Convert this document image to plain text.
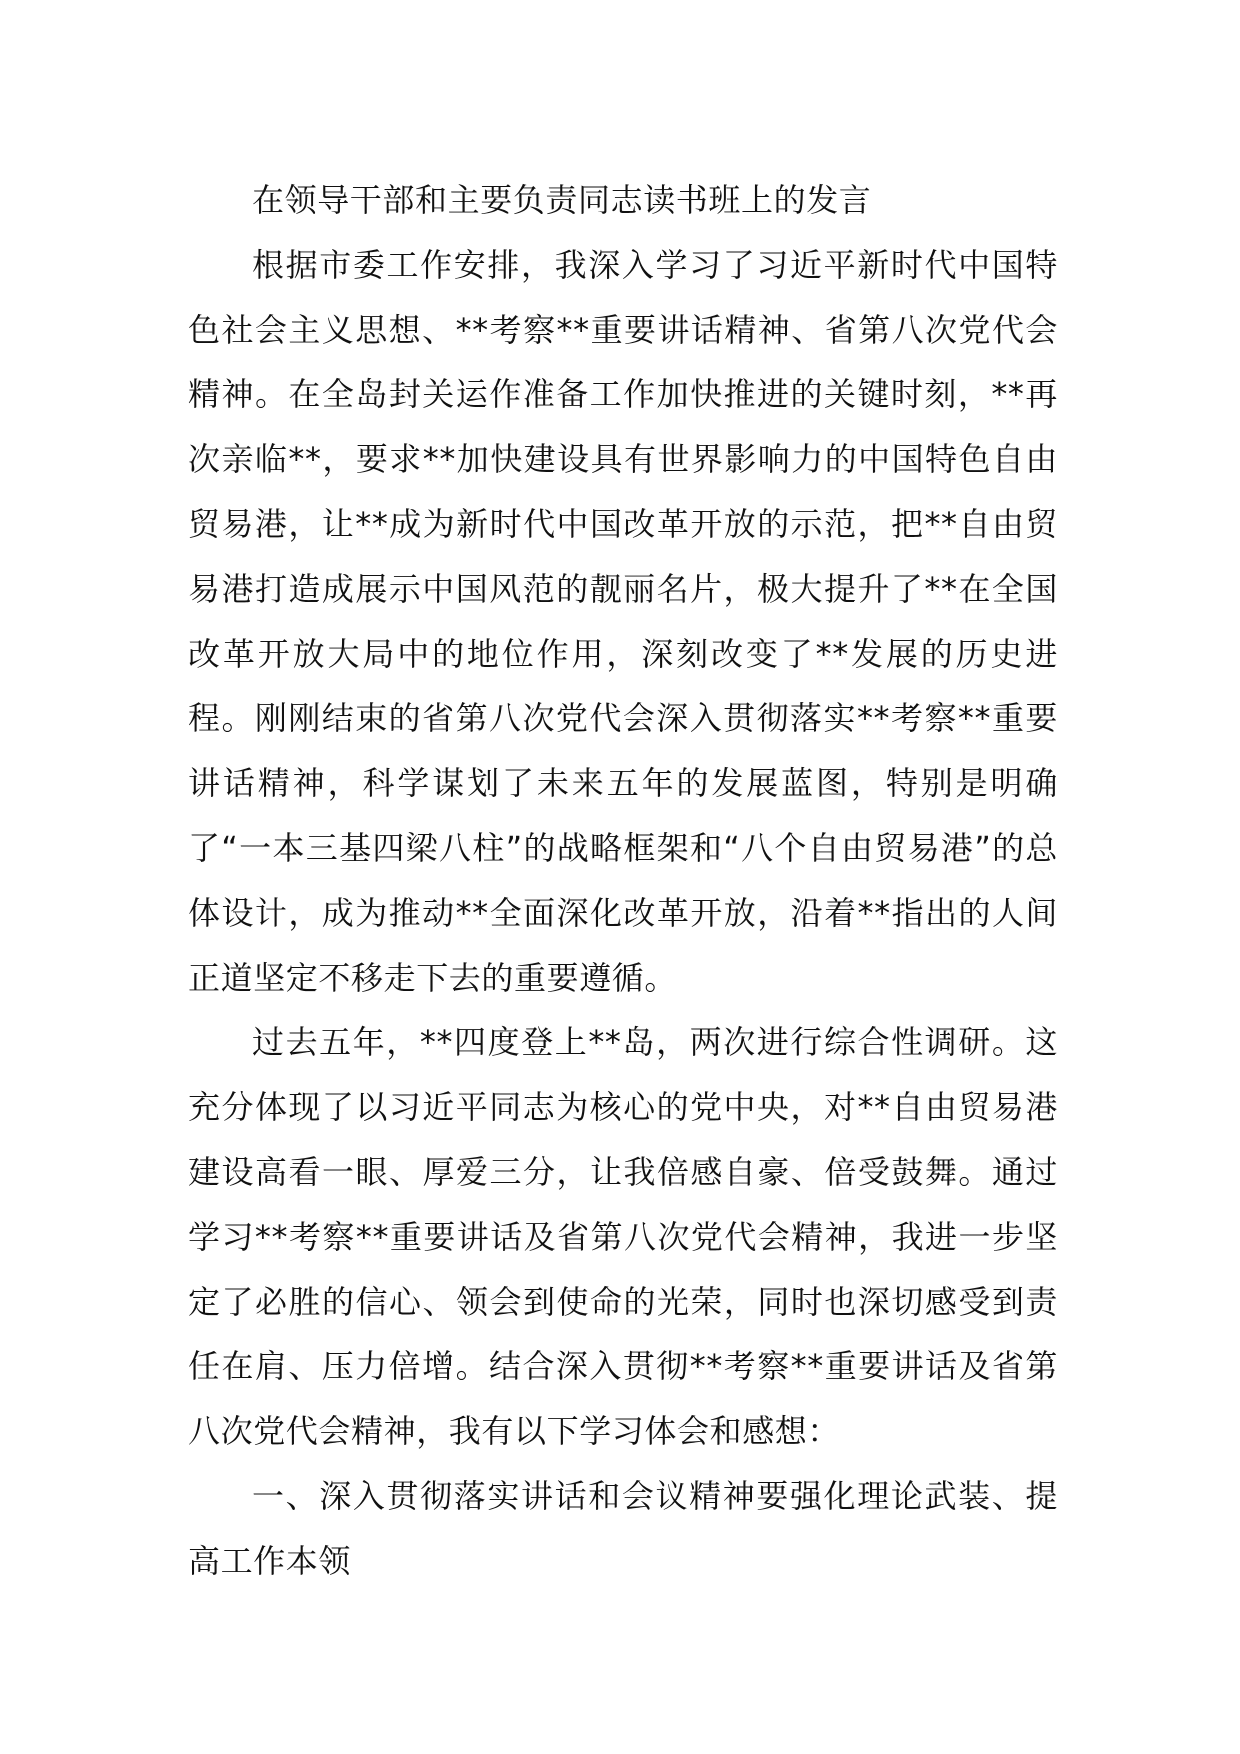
在领导干部和主要负责同志读书班上的发言

根据市委工作安排，我深入学习了习近平新时代中国特色社会主义思想、**考察**重要讲话精神、省第八次党代会精神。在全岛封关运作准备工作加快推进的关键时刻，**再次亲临**，要求**加快建设具有世界影响力的中国特色自由贸易港，让**成为新时代中国改革开放的示范，把**自由贸易港打造成展示中国风范的靓丽名片，极大提升了**在全国改革开放大局中的地位作用，深刻改变了**发展的历史进程。刚刚结束的省第八次党代会深入贯彻落实**考察**重要讲话精神，科学谋划了未来五年的发展蓝图，特别是明确了“一本三基四梁八柱”的战略框架和“八个自由贸易港”的总体设计，成为推动**全面深化改革开放，沿着**指出的人间正道坚定不移走下去的重要遵循。

过去五年，**四度登上**岛，两次进行综合性调研。这充分体现了以习近平同志为核心的党中央，对**自由贸易港建设高看一眼、厚爱三分，让我倍感自豪、倍受鼓舞。通过学习**考察**重要讲话及省第八次党代会精神，我进一步坚定了必胜的信心、领会到使命的光荣，同时也深切感受到责任在肩、压力倍增。结合深入贯彻**考察**重要讲话及省第八次党代会精神，我有以下学习体会和感想：

一、深入贯彻落实讲话和会议精神要强化理论武装、提高工作本领
